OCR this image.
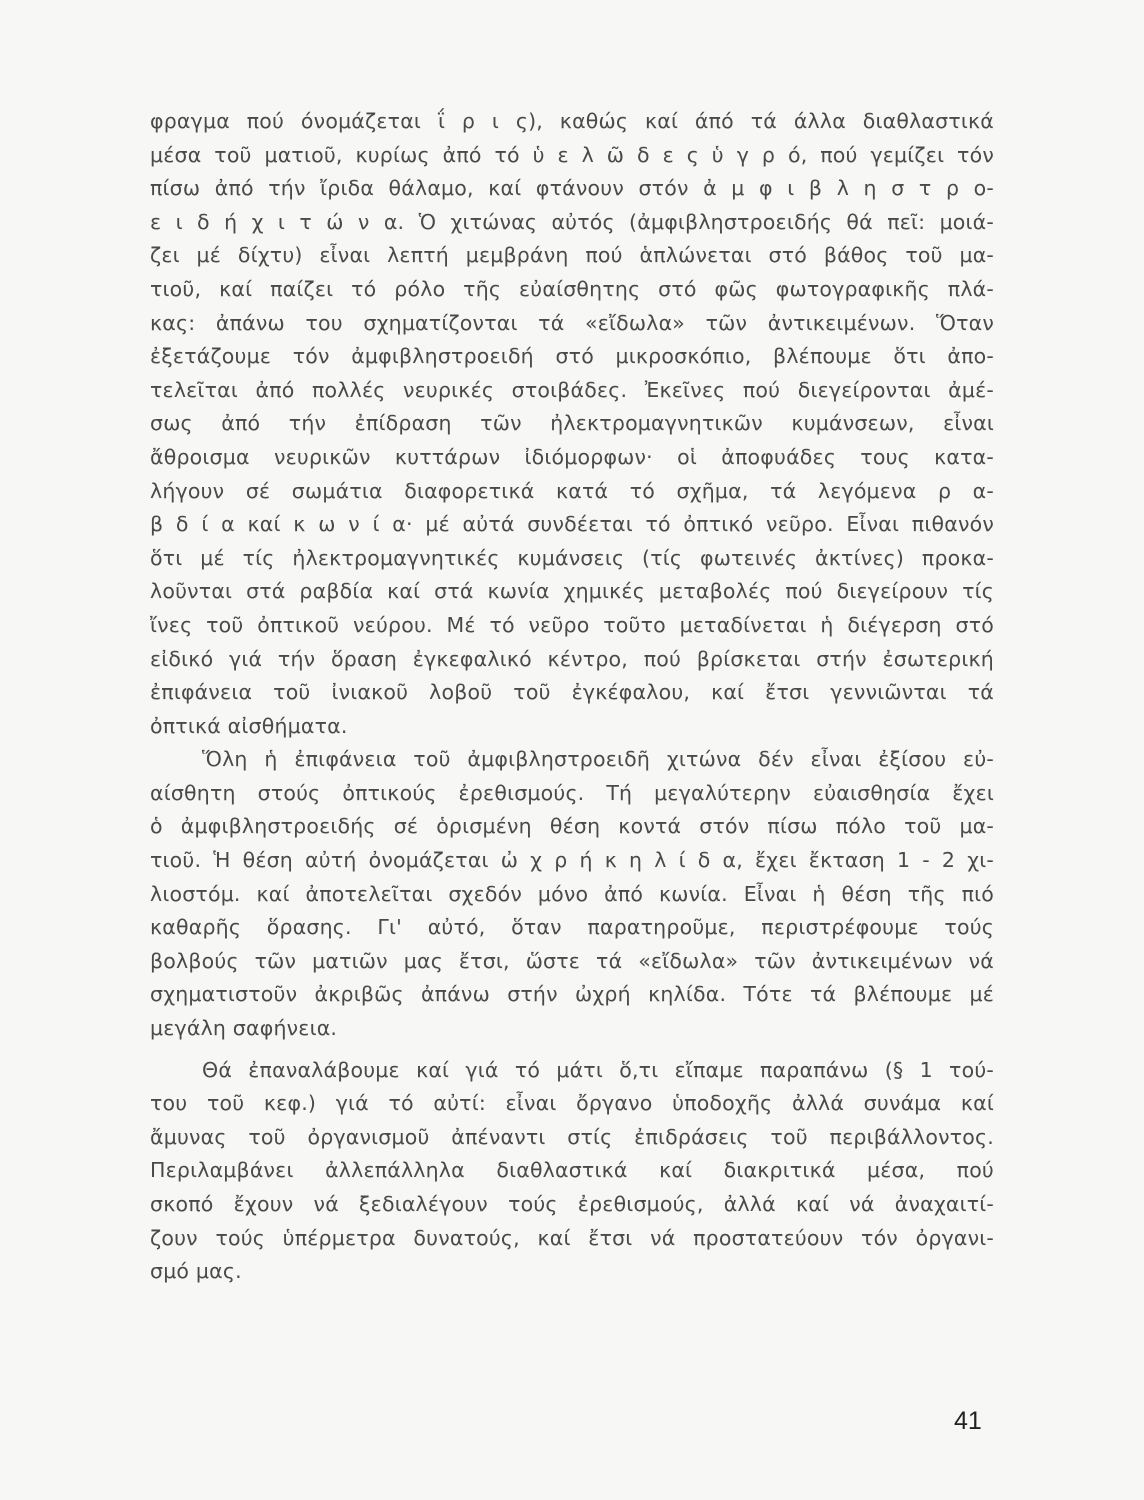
φραγμα πού όνομάζεται ΐ ρ ι ς), καθώς καί άπό τά άλλα διαθλαστικά
μέσα τοῦ ματιοῦ, κυρίως ἀπό τό ὑ ε λ ῶ δ ε ς ὑ γ ρ ό, πού γεμίζει τόν
πίσω ἀπό τήν ἴριδα θάλαμο, καί φτάνουν στόν ἀ μ φ ι β λ η σ τ ρ ο-
ε ι δ ή χ ι τ ώ ν α. Ὁ χιτώνας αὐτός (ἀμφιβληστροειδής θά πεῖ: μοιά-
ζει μέ δίχτυ) εἶναι λεπτή μεμβράνη πού ἁπλώνεται στό βάθος τοῦ μα-
τιοῦ, καί παίζει τό ρόλο τῆς εὐαίσθητης στό φῶς φωτογραφικῆς πλά-
κας: ἀπάνω του σχηματίζονται τά «εἴδωλα» τῶν ἀντικειμένων. Ὅταν
ἐξετάζουμε τόν ἀμφιβληστροειδή στό μικροσκόπιο, βλέπουμε ὅτι ἀπο-
τελεῖται ἀπό πολλές νευρικές στοιβάδες. Ἐκεῖνες πού διεγείρονται ἀμέ-
σως ἀπό τήν ἐπίδραση τῶν ἠλεκτρομαγνητικῶν κυμάνσεων, εἶναι
ἄθροισμα νευρικῶν κυττάρων ἰδιόμορφων· οἱ ἀποφυάδες τους κατα-
λήγουν σέ σωμάτια διαφορετικά κατά τό σχῆμα, τά λεγόμενα ρ α-
β δ ί α καί κ ω ν ί α· μέ αὐτά συνδέεται τό ὀπτικό νεῦρο. Εἶναι πιθανόν
ὅτι μέ τίς ἠλεκτρομαγνητικές κυμάνσεις (τίς φωτεινές ἀκτίνες) προκα-
λοῦνται στά ραβδία καί στά κωνία χημικές μεταβολές πού διεγείρουν τίς
ἴνες τοῦ ὀπτικοῦ νεύρου. Μέ τό νεῦρο τοῦτο μεταδίνεται ἡ διέγερση στό
εἰδικό γιά τήν ὅραση ἐγκεφαλικό κέντρο, πού βρίσκεται στήν ἐσωτερική
ἐπιφάνεια τοῦ ἰνιακοῦ λοβοῦ τοῦ ἐγκέφαλου, καί ἔτσι γεννιῶνται τά
ὀπτικά αἰσθήματα.
Ὅλη ἡ ἐπιφάνεια τοῦ ἀμφιβληστροειδῆ χιτώνα δέν εἶναι ἐξίσου εὐ-
αίσθητη στούς ὀπτικούς ἐρεθισμούς. Τή μεγαλύτερην εὐαισθησία ἔχει
ὁ ἀμφιβληστροειδής σέ ὁρισμένη θέση κοντά στόν πίσω πόλο τοῦ μα-
τιοῦ. Ἡ θέση αὐτή ὀνομάζεται ὠ χ ρ ή κ η λ ί δ α, ἔχει ἔκταση 1 - 2 χι-
λιοστόμ. καί ἀποτελεῖται σχεδόν μόνο ἀπό κωνία. Εἶναι ἡ θέση τῆς πιό
καθαρῆς ὅρασης. Γι' αὐτό, ὅταν παρατηροῦμε, περιστρέφουμε τούς
βολβούς τῶν ματιῶν μας ἔτσι, ὥστε τά «εἴδωλα» τῶν ἀντικειμένων νά
σχηματιστοῦν ἀκριβῶς ἀπάνω στήν ὠχρή κηλίδα. Τότε τά βλέπουμε μέ
μεγάλη σαφήνεια.
Θά ἐπαναλάβουμε καί γιά τό μάτι ὅ,τι εἴπαμε παραπάνω (§ 1 τού-
του τοῦ κεφ.) γιά τό αὐτί: εἶναι ὄργανο ὑποδοχῆς ἀλλά συνάμα καί
ἄμυνας τοῦ ὀργανισμοῦ ἀπέναντι στίς ἐπιδράσεις τοῦ περιβάλλοντος.
Περιλαμβάνει ἀλλεπάλληλα διαθλαστικά καί διακριτικά μέσα, πού
σκοπό ἔχουν νά ξεδιαλέγουν τούς ἐρεθισμούς, ἀλλά καί νά ἀναχαιτί-
ζουν τούς ὑπέρμετρα δυνατούς, καί ἔτσι νά προστατεύουν τόν ὀργανι-
σμό μας.
41
